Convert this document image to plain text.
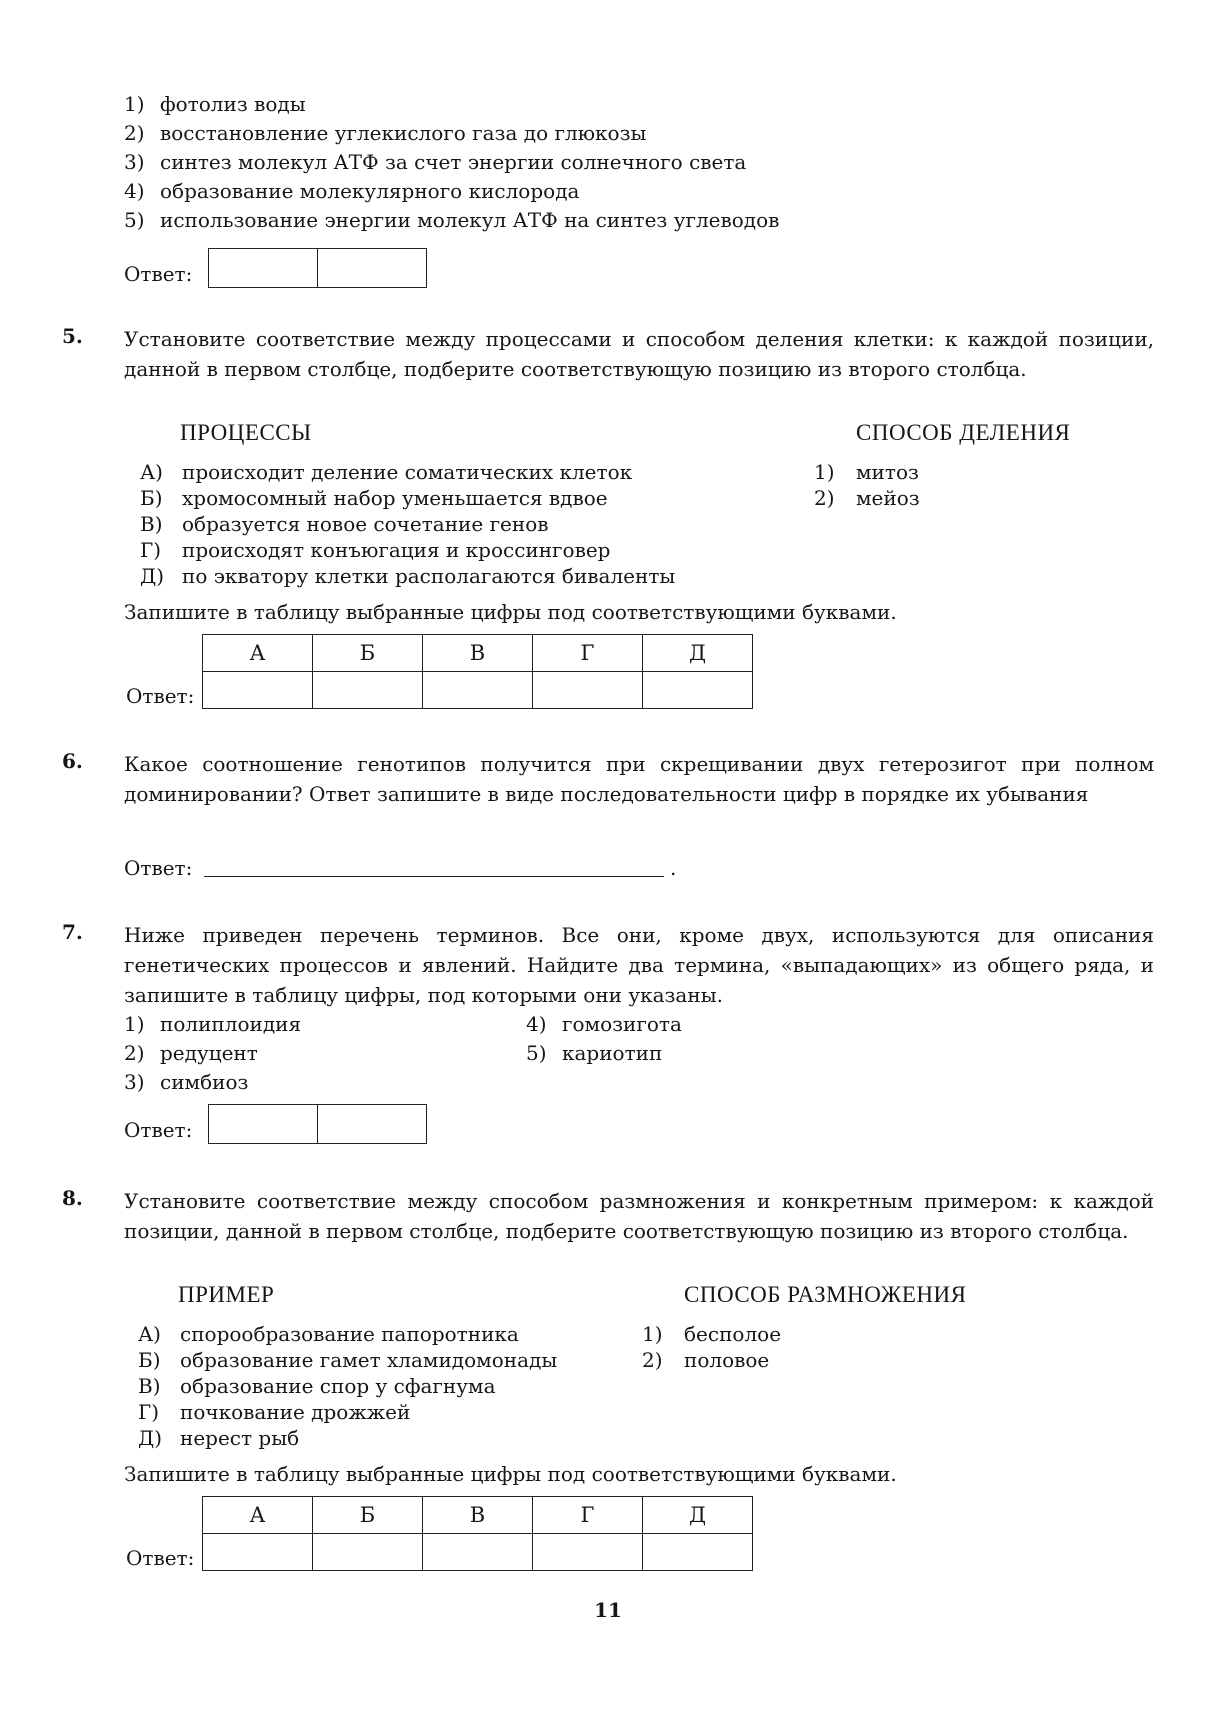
1) фотолиз воды
2) восстановление углекислого газа до глюкозы
3) синтез молекул АТФ за счет энергии солнечного света
4) образование молекулярного кислорода
5) использование энергии молекул АТФ на синтез углеводов
Ответ:
5. Установите соответствие между процессами и способом деления клетки: к каждой позиции, данной в первом столбце, подберите соответствующую позицию из второго столбца.
ПРОЦЕССЫ	СПОСОБ ДЕЛЕНИЯ
А) происходит деление соматических клеток
Б) хромосомный набор уменьшается вдвое
В) образуется новое сочетание генов
Г) происходят конъюгация и кроссинговер
Д) по экватору клетки располагаются биваленты
1) митоз
2) мейоз
Запишите в таблицу выбранные цифры под соответствующими буквами.
А	Б	В	Г	Д

Ответ:
6. Какое соотношение генотипов получится при скрещивании двух гетерозигот при полном доминировании? Ответ запишите в виде последовательности цифр в порядке их убывания
Ответ:	.
7. Ниже приведен перечень терминов. Все они, кроме двух, используются для описания генетических процессов и явлений. Найдите два термина, «выпадающих» из общего ряда, и запишите в таблицу цифры, под которыми они указаны.
1) полиплоидия
2) редуцент
3) симбиоз
4) гомозигота
5) кариотип
Ответ:
8. Установите соответствие между способом размножения и конкретным примером: к каждой позиции, данной в первом столбце, подберите соответствующую позицию из второго столбца.
ПРИМЕР	СПОСОБ РАЗМНОЖЕНИЯ
А) спорообразование папоротника
Б) образование гамет хламидомонады
В) образование спор у сфагнума
Г) почкование дрожжей
Д) нерест рыб
1) бесполое
2) половое
Запишите в таблицу выбранные цифры под соответствующими буквами.
А	Б	В	Г	Д

Ответ:
11
